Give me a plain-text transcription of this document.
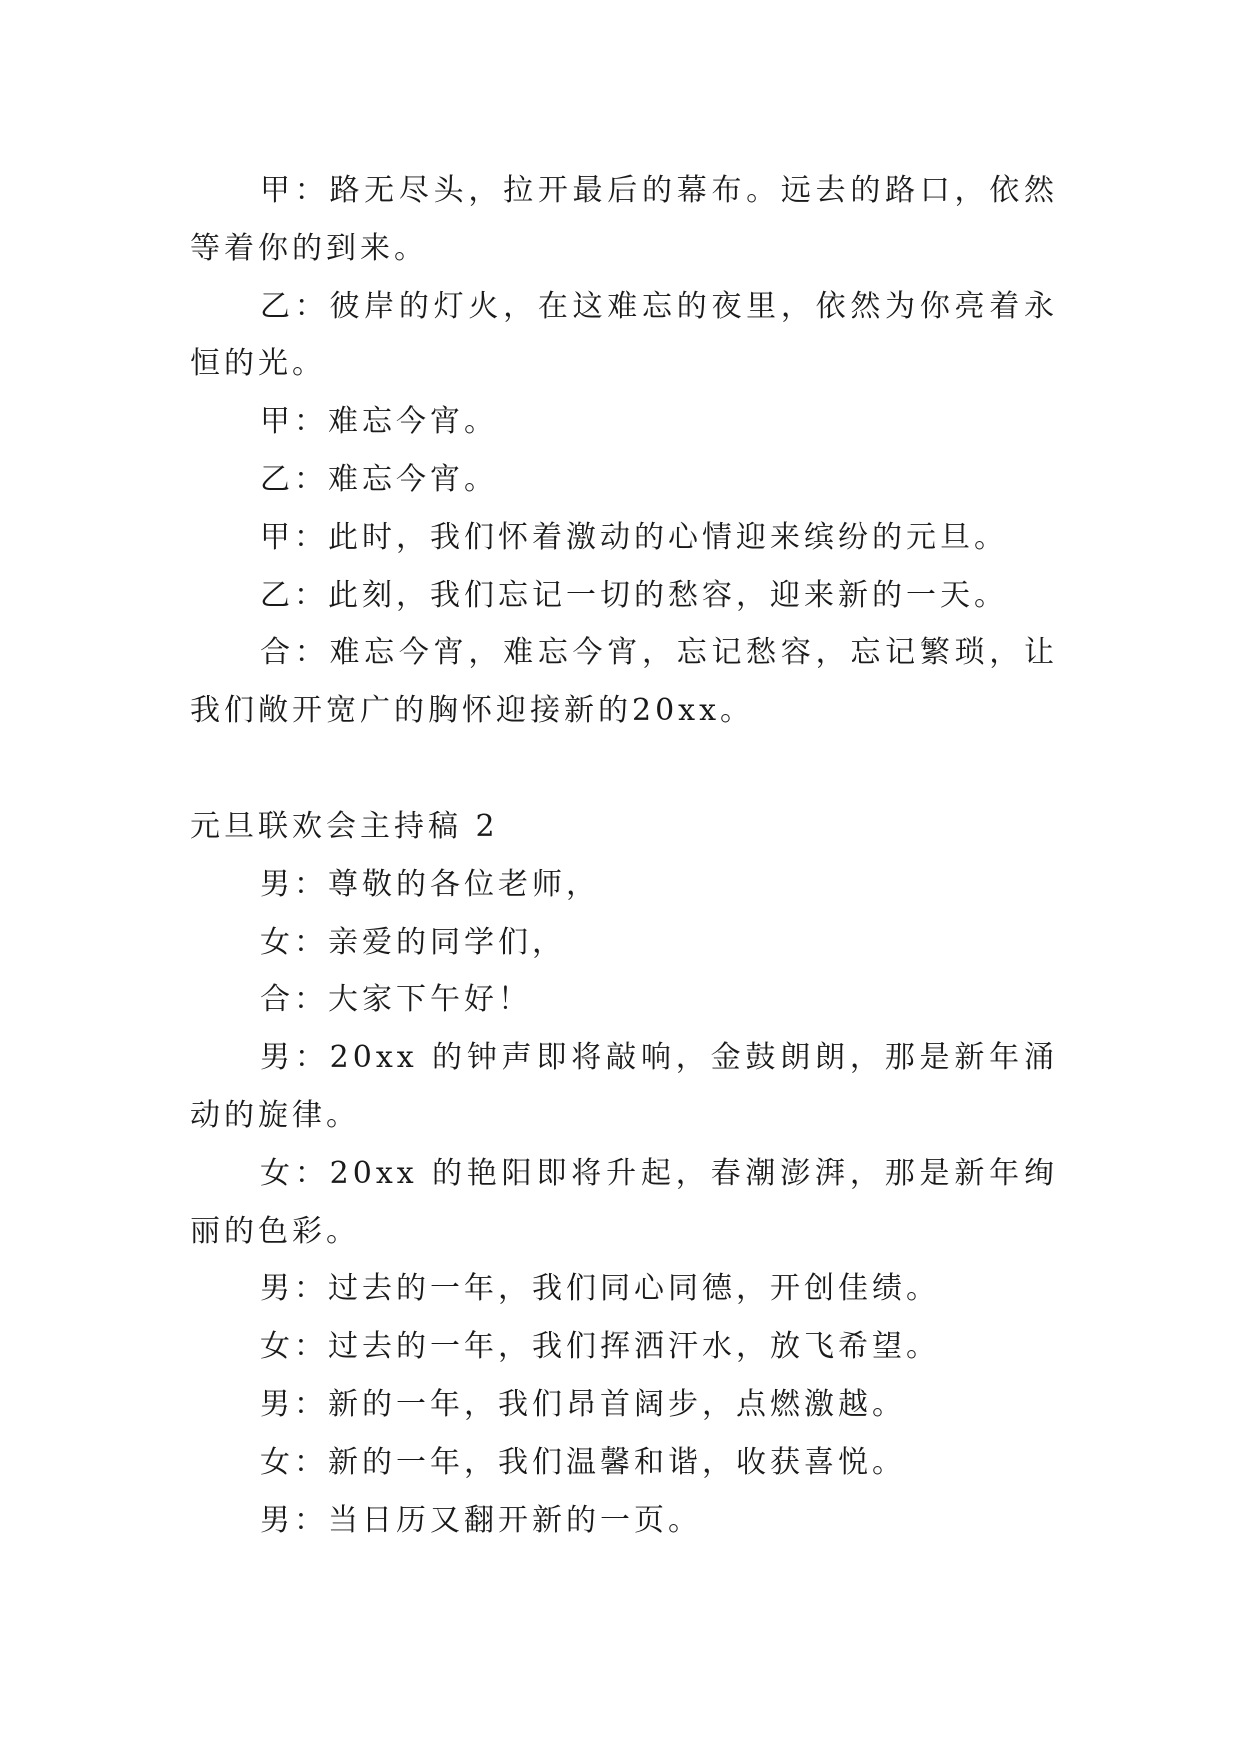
甲：路无尽头，拉开最后的幕布。远去的路口，依然等着你的到来。

乙：彼岸的灯火，在这难忘的夜里，依然为你亮着永恒的光。

甲：难忘今宵。

乙：难忘今宵。

甲：此时，我们怀着激动的心情迎来缤纷的元旦。

乙：此刻，我们忘记一切的愁容，迎来新的一天。

合：难忘今宵，难忘今宵，忘记愁容，忘记繁琐，让我们敞开宽广的胸怀迎接新的20xx。

元旦联欢会主持稿 2

男：尊敬的各位老师，

女：亲爱的同学们，

合：大家下午好！

男：20xx 的钟声即将敲响，金鼓朗朗，那是新年涌动的旋律。

女：20xx 的艳阳即将升起，春潮澎湃，那是新年绚丽的色彩。

男：过去的一年，我们同心同德，开创佳绩。

女：过去的一年，我们挥洒汗水，放飞希望。

男：新的一年，我们昂首阔步，点燃激越。

女：新的一年，我们温馨和谐，收获喜悦。

男：当日历又翻开新的一页。
